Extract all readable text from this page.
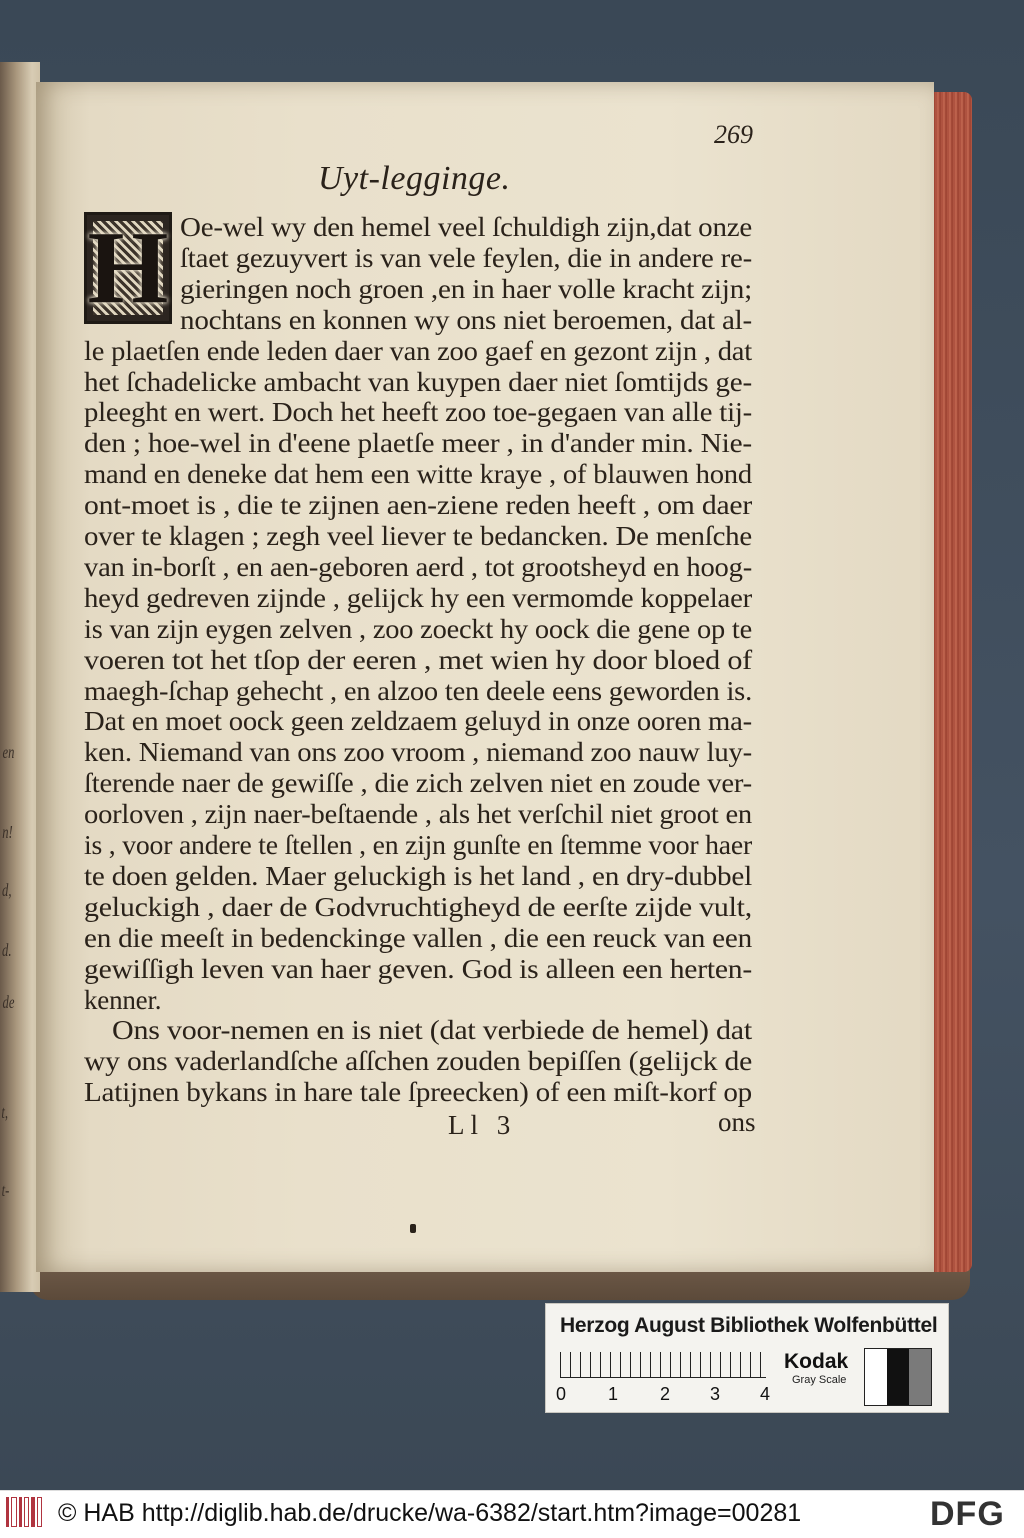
en
n!
d,
d.
de
t,
t-
269
Uyt-legginge.
H Oe-wel wy den hemel veel ſchuldigh zijn,dat onze
ſtaet gezuyvert is van vele feylen, die in andere re-
gieringen noch groen ,en in haer volle kracht zijn;
nochtans en konnen wy ons niet beroemen, dat al-
le plaetſen ende leden daer van zoo gaef en gezont zijn , dat
het ſchadelicke ambacht van kuypen daer niet ſomtijds ge-
pleeght en wert. Doch het heeft zoo toe-gegaen van alle tij-
den ; hoe-wel in d'eene plaetſe meer , in d'ander min. Nie-
mand en deneke dat hem een witte kraye , of blauwen hond
ont-moet is , die te zijnen aen-ziene reden heeft , om daer
over te klagen ; zegh veel liever te bedancken. De menſche
van in-borſt , en aen-geboren aerd , tot grootsheyd en hoog-
heyd gedreven zijnde , gelijck hy een vermomde koppelaer
is van zijn eygen zelven , zoo zoeckt hy oock die gene op te
voeren tot het tſop der eeren , met wien hy door bloed of
maegh-ſchap gehecht , en alzoo ten deele eens geworden is.
Dat en moet oock geen zeldzaem geluyd in onze ooren ma-
ken. Niemand van ons zoo vroom , niemand zoo nauw luy-
ſterende naer de gewiſſe , die zich zelven niet en zoude ver-
oorloven , zijn naer-beſtaende , als het verſchil niet groot en
is , voor andere te ſtellen , en zijn gunſte en ſtemme voor haer
te doen gelden. Maer geluckigh is het land , en dry-dubbel
geluckigh , daer de Godvruchtigheyd de eerſte zijde vult,
en die meeſt in bedenckinge vallen , die een reuck van een
gewiſſigh leven van haer geven. God is alleen een herten-
kenner.
Ons voor-nemen en is niet (dat verbiede de hemel) dat
wy ons vaderlandſche aſſchen zouden bepiſſen (gelijck de
Latijnen bykans in hare tale ſpreecken) of een miſt-korf op
Ll 3	ons
Herzog August Bibliothek Wolfenbüttel
0 1 2 3 4
Kodak
Gray Scale
© HAB http://diglib.hab.de/drucke/wa-6382/start.htm?image=00281	DFG
